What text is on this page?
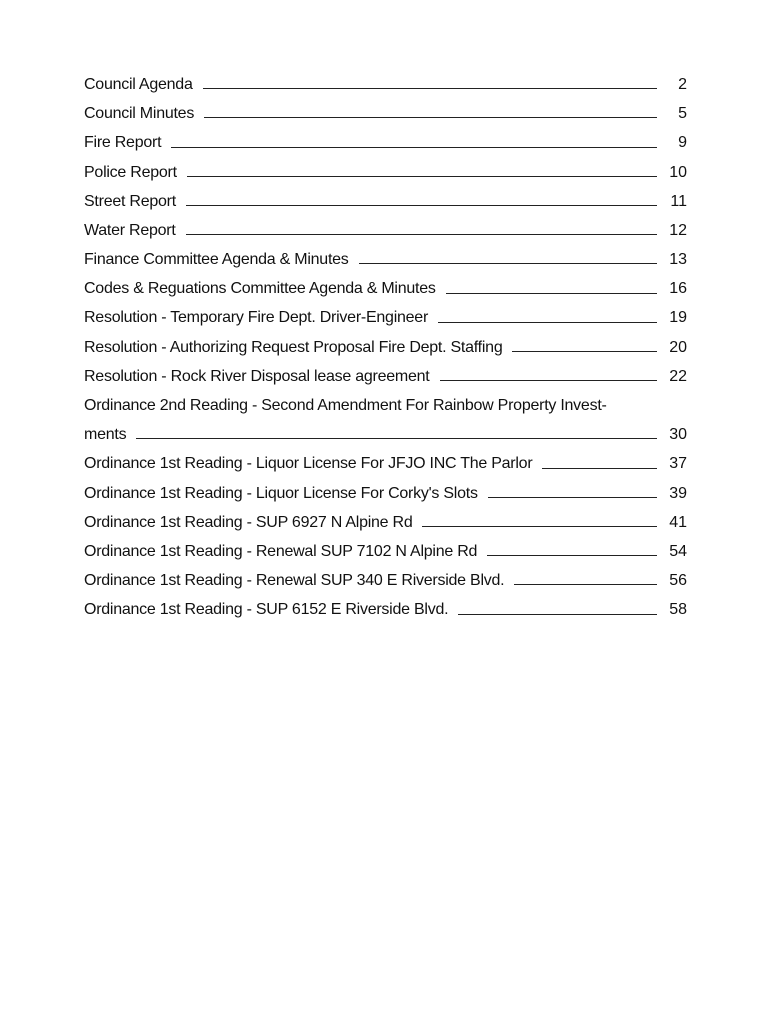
Council Agenda	2
Council Minutes	5
Fire Report	9
Police Report	10
Street Report	11
Water Report	12
Finance Committee Agenda & Minutes	13
Codes & Reguations Committee Agenda & Minutes	16
Resolution - Temporary Fire Dept. Driver-Engineer	19
Resolution - Authorizing Request Proposal Fire Dept. Staffing	20
Resolution - Rock River Disposal lease agreement	22
Ordinance 2nd Reading - Second Amendment For Rainbow Property Invest-
ments	30
Ordinance 1st Reading - Liquor License For JFJO INC The Parlor	37
Ordinance 1st Reading - Liquor License For Corky's Slots	39
Ordinance 1st Reading - SUP 6927 N Alpine Rd	41
Ordinance 1st Reading - Renewal SUP 7102 N Alpine Rd	54
Ordinance 1st Reading - Renewal SUP 340 E Riverside Blvd.	56
Ordinance 1st Reading - SUP 6152 E Riverside Blvd.	58
